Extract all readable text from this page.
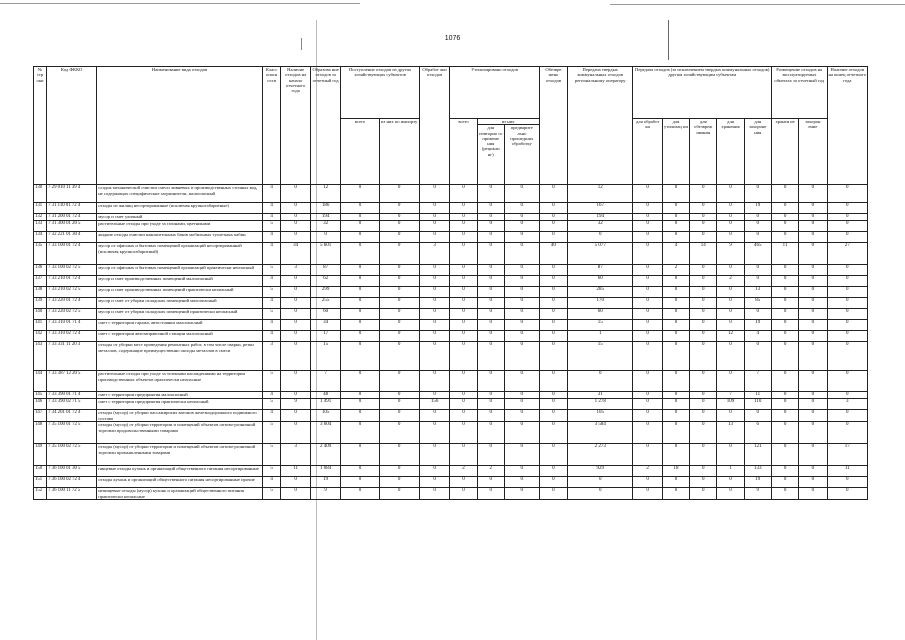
1076
№ стр оки	Код ФККО	Наименование вида отходов	Класс опасн ости	Наличие отходов на начало отчетного года	Образова ние отходов за отчетный год	Поступление отходов из других хозяйствующих субъектов		Обработ ано отходов	Утилизировано отходов			Обезвре жено отходов	Передача твердых коммунальных отходов региональному оператору	Передача отходов (за исключением твердых коммунальных отходов) другим хозяйствующим субъектам					Размещение отходов на эксплуатируемых объектах за отчетный год		Наличие отходов на конец отчетного года
						всего	из них по импорту		всего	из них				для обработ ки	для утилизац ии	для обезвреж ивания	для хранения	для захороне ния	хранен ие	захорон ение	
										для повторно го примене ния (рецикли нг)	предварите льно прошедших обработку										
130	7 29 010 11 39 4	осадок механической очистки смеси ливневых и производственных сточных вод, не содержащих специфические загрязнители, малоопасный	4	0	12	0	0	0	0	0	0	0	12	0	0	0	0	0	0	0	0
131	7 31 110 01 72 4	отходы из жилищ несортированные (исключая крупногабаритные)	4	0	186	0	0	0	0	0	0	0	167	0	0	0	0	19	0	0	0
132	7 31 200 01 72 4	мусор и смет уличный	4	0	194	0	0	0	0	0	0	0	194	0	0	0	0	0	0	0	0
133	7 31 300 01 20 5	растительные отходы при уходе за газонами, цветниками	5	0	32	0	0	0	0	0	0	0	32	0	0	0	0	0	0	0	0
134	7 32 221 01 30 4	жидкие отходы очистки накопительных баков мобильных туалетных кабин	4	0	0	0	0	0	0	0	0	0	0	0	0	0	0	0	0	0	0
135	7 33 100 01 72 4	мусор от офисных и бытовых помещений организаций несортированный (исключая крупногабаритный)	4	34	5 601	0	0	3	0	0	0	40	5 077	0	4	14	9	465	11	0	27
136	7 33 100 02 72 5	мусор от офисных и бытовых помещений организаций практически неопасный	5	3	87	0	0	0	0	0	0	0	87	0	2	0	0	0	0	0	0
137	7 33 210 01 72 4	мусор и смет производственных помещений малоопасный	4	0	62	0	0	0	0	0	0	0	60	0	0	0	2	0	0	0	0
138	7 33 210 02 72 5	мусор и смет производственных помещений практически неопасный	5	0	299	0	0	0	0	0	0	0	285	0	0	0	0	13	0	0	0
139	7 33 220 01 72 4	мусор и смет от уборки складских помещений малоопасный	4	0	255	0	0	0	0	0	0	0	170	0	0	0	0	85	0	0	0
140	7 33 220 02 72 5	мусор и смет от уборки складских помещений практически неопасный	5	0	60	0	0	0	0	0	0	0	60	0	0	0	0	0	0	0	0
141	7 33 310 01 71 4	смет с территории гаража, автостоянки малоопасный	4	0	34	0	0	0	0	0	0	0	15	0	0	0	0	19	0	0	0
142	7 33 310 02 72 4	смет с территории автозаправочной станции малоопасный	4	0	17	0	0	0	0	0	0	0	1	0	0	0	12	4	0	0	0
143	7 33 331 11 20 3	отходы от уборки мест проведения ремонтных работ, в том числе сварки, резки металлов, содержащие преимущественно оксиды металлов в смеси	3	0	15	0	0	0	0	0	0	0	15	0	0	0	0	0	0	0	0
144	7 33 387 12 20 5	растительные отходы при уходе за зелеными насаждениями на территории производственных объектов практически неопасные	5	0	7	0	0	0	0	0	0	0	0	0	0	0	0	7	0	0	0
145	7 33 390 01 71 4	смет с территории предприятия малоопасный	4	0	48	0	0	0	0	0	0	0	31	0	0	0	7	11	0	0	0
146	7 33 390 02 71 5	смет с территории предприятия практически неопасный	5	9	1 491	0	0	156	0	0	0	0	1 278	0	0	0	109	110	0	0	3
147	7 34 201 01 72 4	отходы (мусор) от уборки пассажирских вагонов железнодорожного подвижного состава	4	0	105	0	0	0	0	0	0	0	105	0	0	0	0	0	0	0	0
148	7 35 100 01 72 5	отходы (мусор) от уборки территории и помещений объектов оптово-розничной торговли продовольственными товарами	5	0	3 604	0	0	0	0	0	0	0	3 584	0	0	0	13	6	0	0	0
149	7 35 100 02 72 5	отходы (мусор) от уборки территории и помещений объектов оптово-розничной торговли промышленными товарами	5	3	2 409	0	0	0	0	0	0	0	2 273	0	0	0	0	121	0	0	17
150	7 36 100 01 30 5	пищевые отходы кухонь и организаций общественного питания несортированные	5	11	1 084	0	0	0	2	2	0	0	929	2	18	0	1	133	0	0	11
151	7 36 100 02 72 4	отходы кухонь и организаций общественного питания несортированные прочие	4	0	19	0	0	0	0	0	0	0	0	0	0	0	0	19	0	0	0
152	7 36 100 11 72 5	непищевые отходы (мусор) кухонь и организаций общественного питания практически неопасные	5	0	9	0	0	0	0	0	0	0	0	0	0	0	0	9	0	0	0
